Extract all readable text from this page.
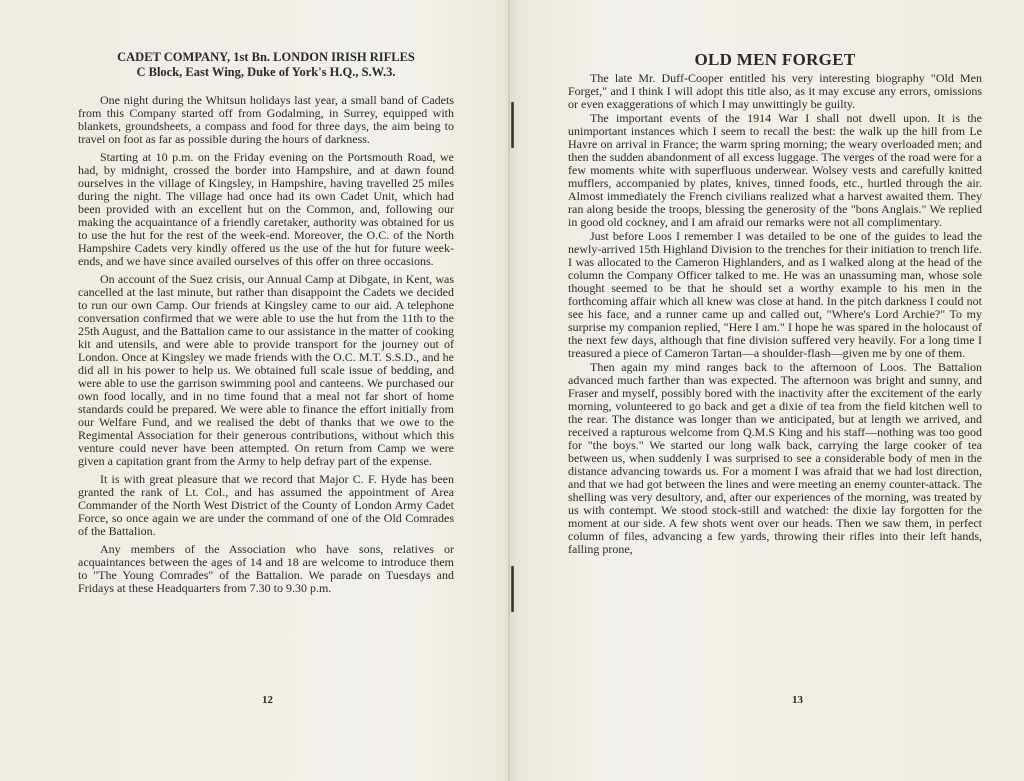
CADET COMPANY, 1st Bn. LONDON IRISH RIFLES

C Block, East Wing, Duke of York's H.Q., S.W.3.

One night during the Whitsun holidays last year, a small band of Cadets from this Company started off from Godalming, in Surrey, equipped with blankets, groundsheets, a compass and food for three days, the aim being to travel on foot as far as possible during the hours of darkness.

Starting at 10 p.m. on the Friday evening on the Portsmouth Road, we had, by midnight, crossed the border into Hampshire, and at dawn found ourselves in the village of Kingsley, in Hampshire, having travelled 25 miles during the night. The village had once had its own Cadet Unit, which had been provided with an excellent hut on the Common, and, following our making the acquaintance of a friendly caretaker, authority was obtained for us to use the hut for the rest of the week-end. Moreover, the O.C. of the North Hampshire Cadets very kindly offered us the use of the hut for future week-ends, and we have since availed ourselves of this offer on three occasions.

On account of the Suez crisis, our Annual Camp at Dibgate, in Kent, was cancelled at the last minute, but rather than disappoint the Cadets we decided to run our own Camp. Our friends at Kingsley came to our aid. A telephone conversation confirmed that we were able to use the hut from the 11th to the 25th August, and the Battalion came to our assistance in the matter of cooking kit and utensils, and were able to provide transport for the journey out of London. Once at Kingsley we made friends with the O.C. M.T. S.S.D., and he did all in his power to help us. We obtained full scale issue of bedding, and were able to use the garrison swimming pool and canteens. We purchased our own food locally, and in no time found that a meal not far short of home standards could be prepared. We were able to finance the effort initially from our Welfare Fund, and we realised the debt of thanks that we owe to the Regimental Association for their generous contributions, without which this venture could never have been attempted. On return from Camp we were given a capitation grant from the Army to help defray part of the expense.

It is with great pleasure that we record that Major C. F. Hyde has been granted the rank of Lt. Col., and has assumed the appointment of Area Commander of the North West District of the County of London Army Cadet Force, so once again we are under the command of one of the Old Comrades of the Battalion.

Any members of the Association who have sons, relatives or acquaintances between the ages of 14 and 18 are welcome to introduce them to "The Young Comrades" of the Battalion. We parade on Tuesdays and Fridays at these Headquarters from 7.30 to 9.30 p.m.

12

OLD MEN FORGET

The late Mr. Duff-Cooper entitled his very interesting biography "Old Men Forget," and I think I will adopt this title also, as it may excuse any errors, omissions or even exaggerations of which I may unwittingly be guilty.

The important events of the 1914 War I shall not dwell upon. It is the unimportant instances which I seem to recall the best: the walk up the hill from Le Havre on arrival in France; the warm spring morning; the weary overloaded men; and then the sudden abandonment of all excess luggage. The verges of the road were for a few moments white with superfluous underwear. Wolsey vests and carefully knitted mufflers, accompanied by plates, knives, tinned foods, etc., hurtled through the air. Almost immediately the French civilians realized what a harvest awaited them. They ran along beside the troops, blessing the generosity of the "bons Anglais." We replied in good old cockney, and I am afraid our remarks were not all complimentary.

Just before Loos I remember I was detailed to be one of the guides to lead the newly-arrived 15th Highland Division to the trenches for their initiation to trench life. I was allocated to the Cameron Highlanders, and as I walked along at the head of the column the Company Officer talked to me. He was an unassuming man, whose sole thought seemed to be that he should set a worthy example to his men in the forthcoming affair which all knew was close at hand. In the pitch darkness I could not see his face, and a runner came up and called out, "Where's Lord Archie?" To my surprise my companion replied, "Here I am." I hope he was spared in the holocaust of the next few days, although that fine division suffered very heavily. For a long time I treasured a piece of Cameron Tartan—a shoulder-flash—given me by one of them.

Then again my mind ranges back to the afternoon of Loos. The Battalion advanced much farther than was expected. The afternoon was bright and sunny, and Fraser and myself, possibly bored with the inactivity after the excitement of the early morning, volunteered to go back and get a dixie of tea from the field kitchen well to the rear. The distance was longer than we anticipated, but at length we arrived, and received a rapturous welcome from Q.M.S King and his staff—nothing was too good for "the boys." We started our long walk back, carrying the large cooker of tea between us, when suddenly I was surprised to see a considerable body of men in the distance advancing towards us. For a moment I was afraid that we had lost direction, and that we had got between the lines and were meeting an enemy counter-attack. The shelling was very desultory, and, after our experiences of the morning, was treated by us with contempt. We stood stock-still and watched: the dixie lay forgotten for the moment at our side. A few shots went over our heads. Then we saw them, in perfect column of files, advancing a few yards, throwing their rifles into their left hands, falling prone,

13
